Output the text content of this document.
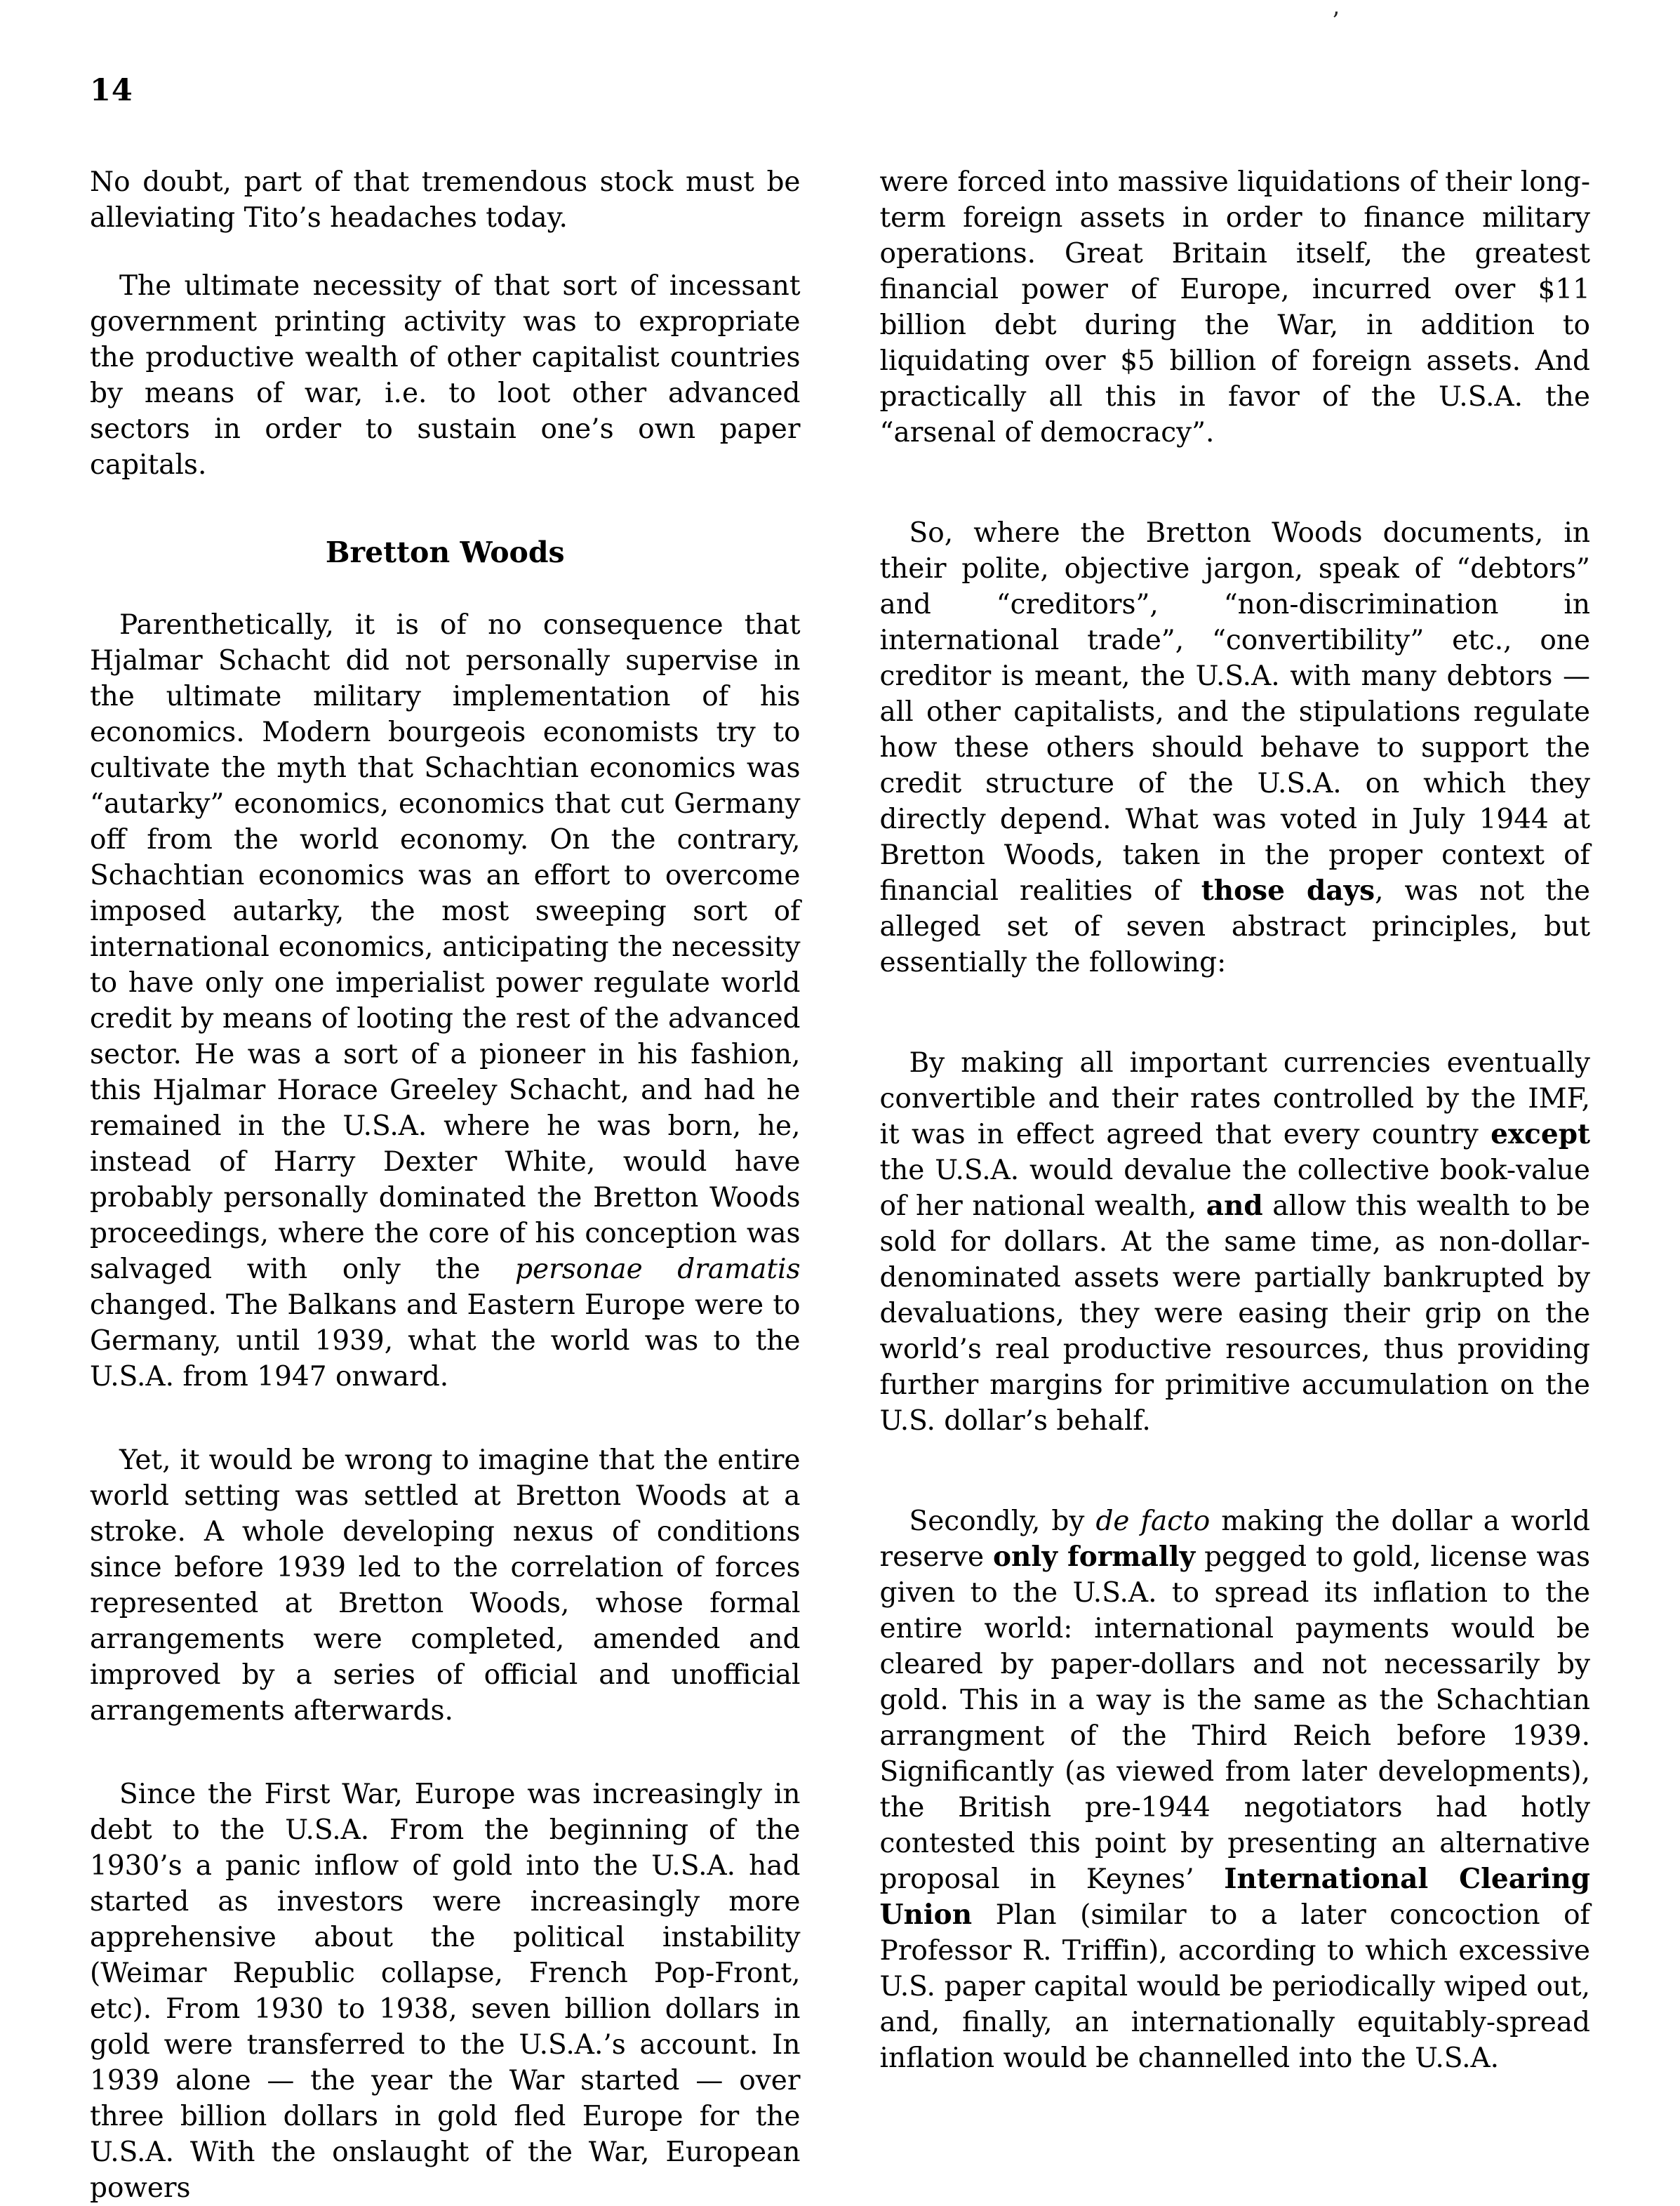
’
14

No doubt, part of that tremendous stock must be alleviating Tito’s headaches today.

The ultimate necessity of that sort of incessant government printing activity was to expropriate the productive wealth of other capitalist countries by means of war, i.e. to loot other advanced sectors in order to sustain one’s own paper capitals.

Bretton Woods

Parenthetically, it is of no consequence that Hjalmar Schacht did not personally supervise in the ultimate military implementation of his economics. Modern bourgeois economists try to cultivate the myth that Schachtian economics was “autarky” economics, economics that cut Germany off from the world economy. On the contrary, Schachtian economics was an effort to overcome imposed autarky, the most sweeping sort of international economics, anticipating the necessity to have only one imperialist power regulate world credit by means of looting the rest of the advanced sector. He was a sort of a pioneer in his fashion, this Hjalmar Horace Greeley Schacht, and had he remained in the U.S.A. where he was born, he, instead of Harry Dexter White, would have probably personally dominated the Bretton Woods proceedings, where the core of his conception was salvaged with only the personae dramatis changed. The Balkans and Eastern Europe were to Germany, until 1939, what the world was to the U.S.A. from 1947 onward.

Yet, it would be wrong to imagine that the entire world setting was settled at Bretton Woods at a stroke. A whole developing nexus of conditions since before 1939 led to the correlation of forces represented at Bretton Woods, whose formal arrangements were completed, amended and improved by a series of official and unofficial arrangements afterwards.

Since the First War, Europe was increasingly in debt to the U.S.A. From the beginning of the 1930’s a panic inflow of gold into the U.S.A. had started as investors were increasingly more apprehensive about the political instability (Weimar Republic collapse, French Pop-Front, etc). From 1930 to 1938, seven billion dollars in gold were transferred to the U.S.A.’s account. In 1939 alone — the year the War started — over three billion dollars in gold fled Europe for the U.S.A. With the onslaught of the War, European powers

were forced into massive liquidations of their long-term foreign assets in order to finance military operations. Great Britain itself, the greatest financial power of Europe, incurred over $11 billion debt during the War, in addition to liquidating over $5 billion of foreign assets. And practically all this in favor of the U.S.A. the “arsenal of democracy”.

So, where the Bretton Woods documents, in their polite, objective jargon, speak of “debtors” and “creditors”, “non-discrimination in international trade”, “convertibility” etc., one creditor is meant, the U.S.A. with many debtors — all other capitalists, and the stipulations regulate how these others should behave to support the credit structure of the U.S.A. on which they directly depend. What was voted in July 1944 at Bretton Woods, taken in the proper context of financial realities of those days, was not the alleged set of seven abstract principles, but essentially the following:

By making all important currencies eventually convertible and their rates controlled by the IMF, it was in effect agreed that every country except the U.S.A. would devalue the collective book-value of her national wealth, and allow this wealth to be sold for dollars. At the same time, as non-dollar-denominated assets were partially bankrupted by devaluations, they were easing their grip on the world’s real productive resources, thus providing further margins for primitive accumulation on the U.S. dollar’s behalf.

Secondly, by de facto making the dollar a world reserve only formally pegged to gold, license was given to the U.S.A. to spread its inflation to the entire world: international payments would be cleared by paper-dollars and not necessarily by gold. This in a way is the same as the Schachtian arrangment of the Third Reich before 1939. Significantly (as viewed from later developments), the British pre-1944 negotiators had hotly contested this point by presenting an alternative proposal in Keynes’ International Clearing Union Plan (similar to a later concoction of Professor R. Triffin), according to which excessive U.S. paper capital would be periodically wiped out, and, finally, an internationally equitably-spread inflation would be channelled into the U.S.A.
